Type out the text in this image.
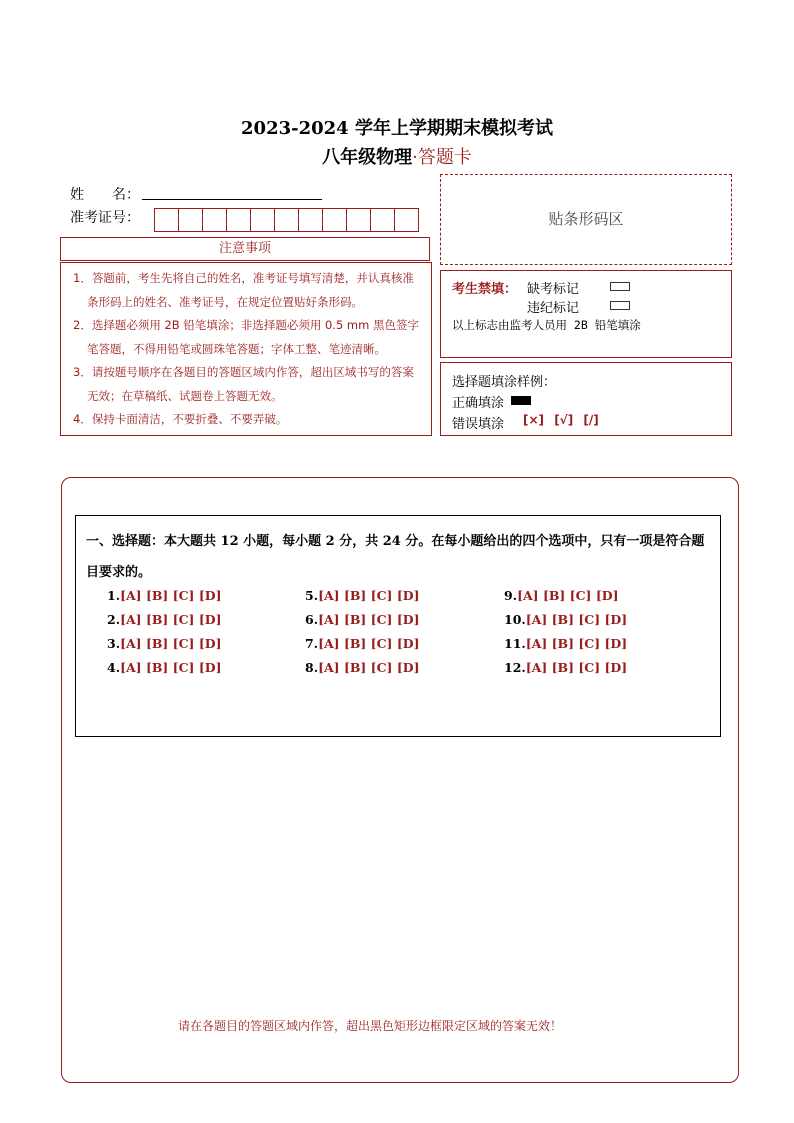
2023-2024 学年上学期期末模拟考试
八年级物理·答题卡
姓　　名：
准考证号：
注意事项
1．答题前，考生先将自己的姓名，准考证号填写清楚，并认真核准条形码上的姓名、准考证号，在规定位置贴好条形码。
2．选择题必须用 2B 铅笔填涂；非选择题必须用 0.5 mm 黑色签字笔答题，不得用铅笔或圆珠笔答题；字体工整、笔迹清晰。
3．请按题号顺序在各题目的答题区域内作答，超出区域书写的答案无效；在草稿纸、试题卷上答题无效。
4．保持卡面清洁，不要折叠、不要弄破。
贴条形码区
考生禁填： 缺考标记
违纪标记
以上标志由监考人员用 2B 铅笔填涂
选择题填涂样例：
正确填涂
错误填涂 [×] [√] [/]
一、选择题：本大题共 12 小题，每小题 2 分，共 24 分。在每小题给出的四个选项中，只有一项是符合题目要求的。
1.[A] [B] [C] [D]
2.[A] [B] [C] [D]
3.[A] [B] [C] [D]
4.[A] [B] [C] [D]
5.[A] [B] [C] [D]
6.[A] [B] [C] [D]
7.[A] [B] [C] [D]
8.[A] [B] [C] [D]
9.[A] [B] [C] [D]
10.[A] [B] [C] [D]
11.[A] [B] [C] [D]
12.[A] [B] [C] [D]
请在各题目的答题区域内作答，超出黑色矩形边框限定区域的答案无效！
